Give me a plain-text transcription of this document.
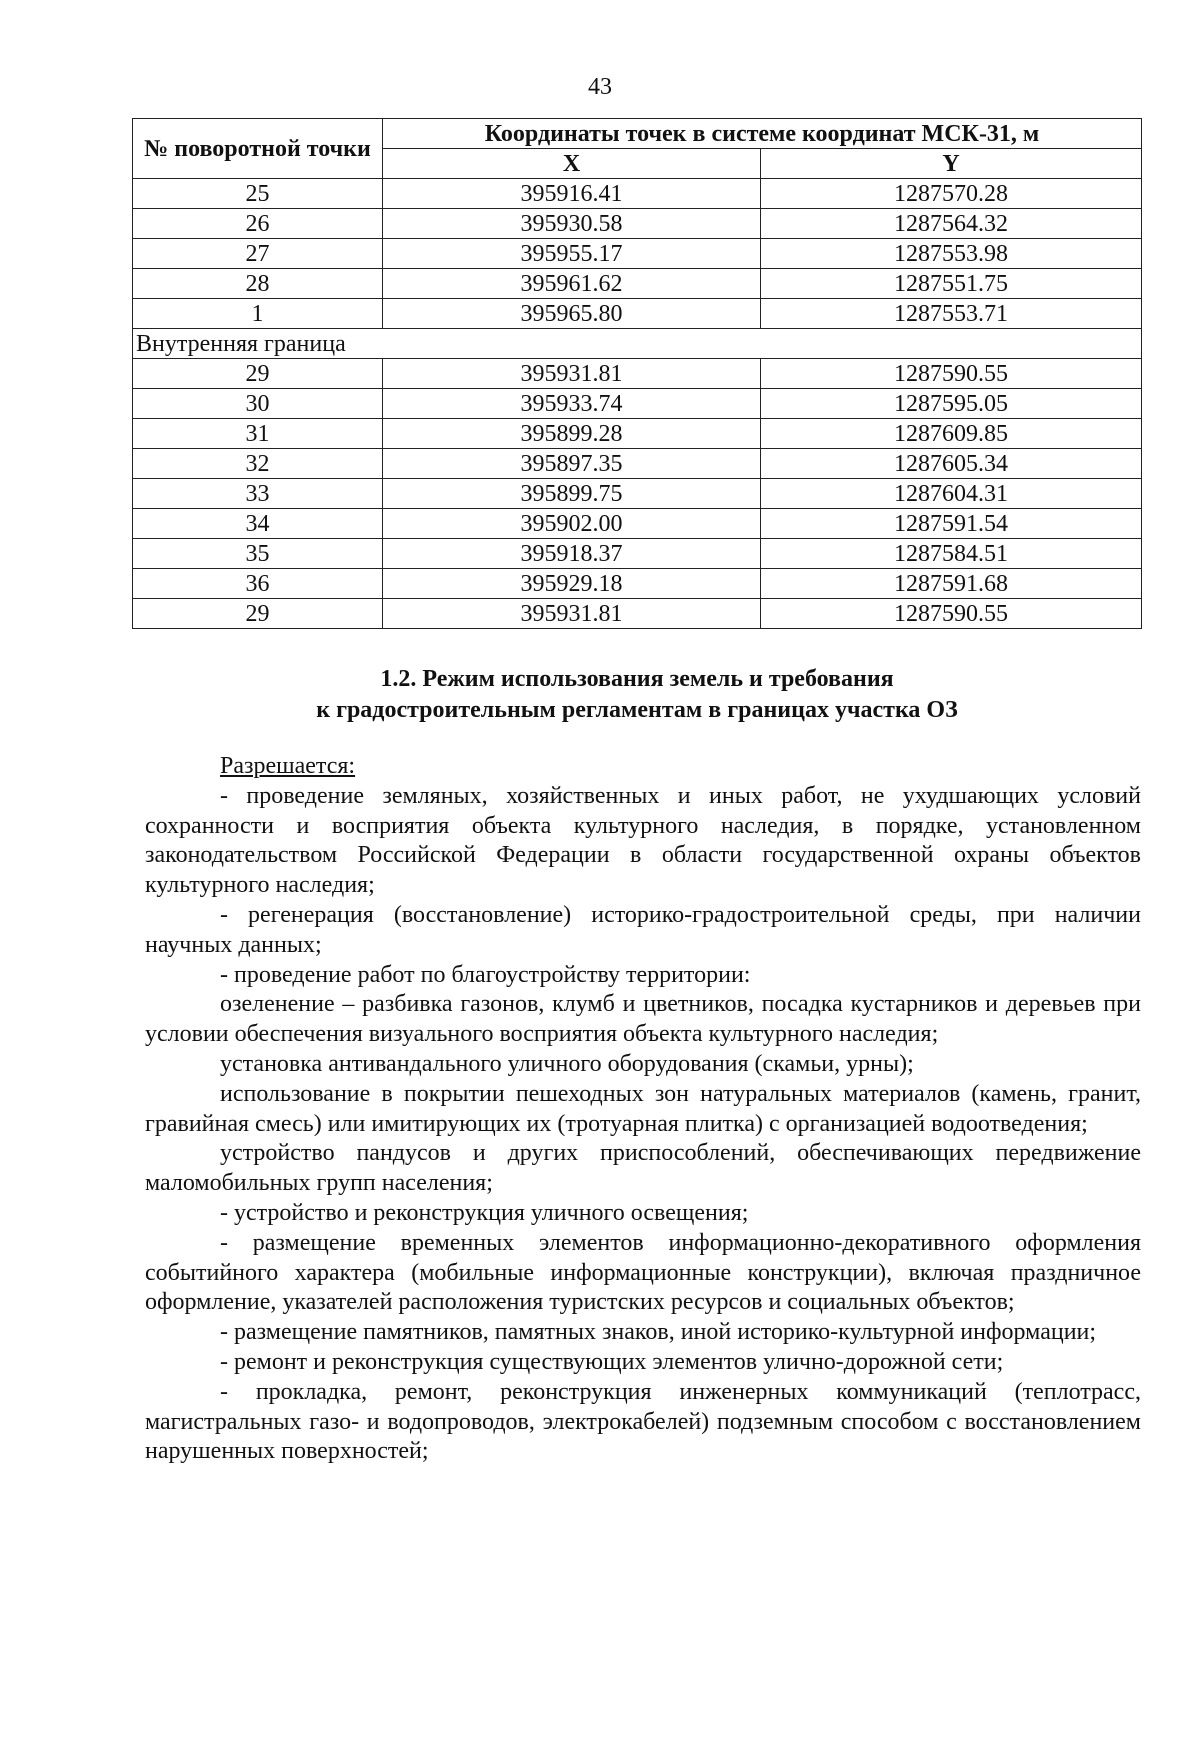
43
№ поворотной точки	Координаты точек в системе координат МСК-31, м	
	X	Y
25	395916.41	1287570.28
26	395930.58	1287564.32
27	395955.17	1287553.98
28	395961.62	1287551.75
1	395965.80	1287553.71
Внутренняя граница		
29	395931.81	1287590.55
30	395933.74	1287595.05
31	395899.28	1287609.85
32	395897.35	1287605.34
33	395899.75	1287604.31
34	395902.00	1287591.54
35	395918.37	1287584.51
36	395929.18	1287591.68
29	395931.81	1287590.55
1.2. Режим использования земель и требования
к градостроительным регламентам в границах участка ОЗ

Разрешается:

- проведение земляных, хозяйственных и иных работ, не ухудшающих условий сохранности и восприятия объекта культурного наследия, в порядке, установленном законодательством Российской Федерации в области государственной охраны объектов культурного наследия;

- регенерация (восстановление) историко-градостроительной среды, при наличии научных данных;

- проведение работ по благоустройству территории:

озеленение – разбивка газонов, клумб и цветников, посадка кустарников и деревьев при условии обеспечения визуального восприятия объекта культурного наследия;

установка антивандального уличного оборудования (скамьи, урны);

использование в покрытии пешеходных зон натуральных материалов (камень, гранит, гравийная смесь) или имитирующих их (тротуарная плитка) с организацией водоотведения;

устройство пандусов и других приспособлений, обеспечивающих передвижение маломобильных групп населения;

- устройство и реконструкция уличного освещения;

- размещение временных элементов информационно-декоративного оформления событийного характера (мобильные информационные конструкции), включая праздничное оформление, указателей расположения туристских ресурсов и социальных объектов;

- размещение памятников, памятных знаков, иной историко-культурной информации;

- ремонт и реконструкция существующих элементов улично-дорожной сети;

- прокладка, ремонт, реконструкция инженерных коммуникаций (теплотрасс, магистральных газо- и водопроводов, электрокабелей) подземным способом с восстановлением нарушенных поверхностей;
